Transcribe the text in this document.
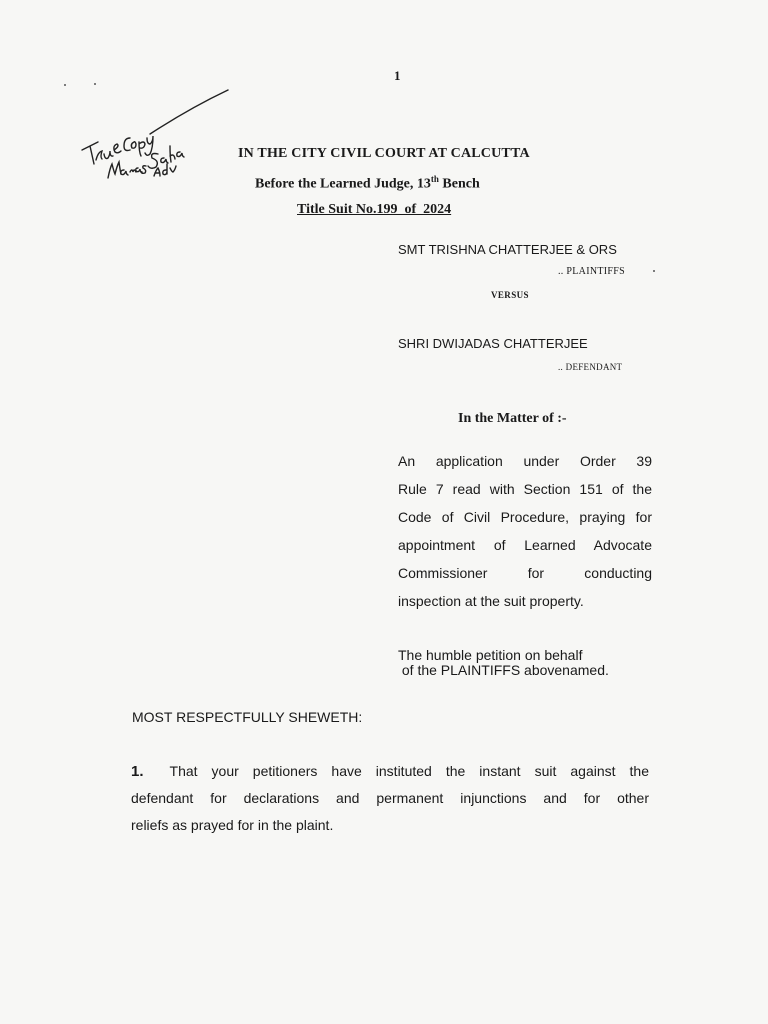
1
IN THE CITY CIVIL COURT AT CALCUTTA
Before the Learned Judge, 13th Bench
Title Suit No.199  of  2024
SMT TRISHNA CHATTERJEE & ORS
.. PLAINTIFFS
VERSUS
SHRI DWIJADAS CHATTERJEE
.. DEFENDANT
In the Matter of :-
An application under Order 39
Rule 7 read with Section 151 of the
Code of Civil Procedure, praying for
appointment of Learned Advocate
Commissioner for conducting
inspection at the suit property.
The humble petition on behalf
of the PLAINTIFFS abovenamed.
MOST RESPECTFULLY SHEWETH:
1. That your petitioners have instituted the instant suit against the
defendant for declarations and permanent injunctions and for other
reliefs as prayed for in the plaint.
